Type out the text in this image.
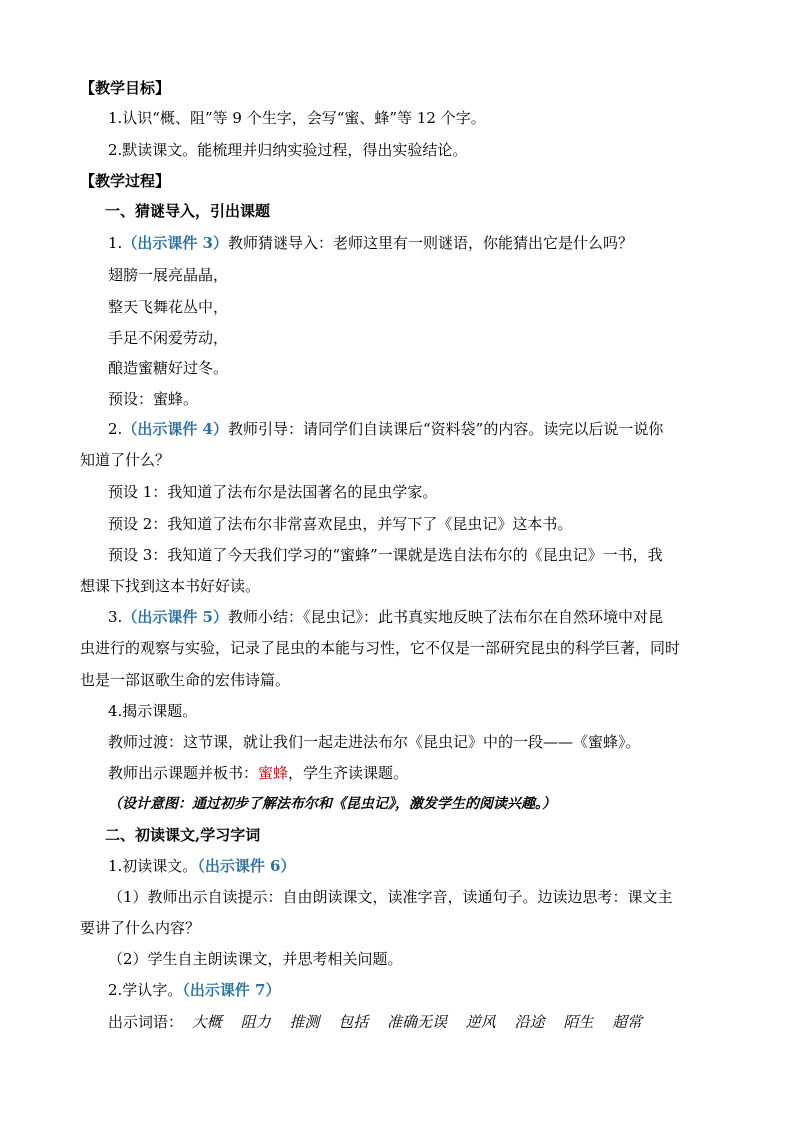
【教学目标】
1.认识“概、阻”等 9 个生字，会写“蜜、蜂”等 12 个字。
2.默读课文。能梳理并归纳实验过程，得出实验结论。
【教学过程】
一、猜谜导入，引出课题
1.（出示课件 3）教师猜谜导入：老师这里有一则谜语，你能猜出它是什么吗？
翅膀一展亮晶晶，
整天飞舞花丛中，
手足不闲爱劳动，
酿造蜜糖好过冬。
预设：蜜蜂。
2.（出示课件 4）教师引导：请同学们自读课后“资料袋”的内容。读完以后说一说你
知道了什么？
预设 1：我知道了法布尔是法国著名的昆虫学家。
预设 2：我知道了法布尔非常喜欢昆虫，并写下了《昆虫记》这本书。
预设 3：我知道了今天我们学习的“蜜蜂”一课就是选自法布尔的《昆虫记》一书，我
想课下找到这本书好好读。
3.（出示课件 5）教师小结：《昆虫记》：此书真实地反映了法布尔在自然环境中对昆
虫进行的观察与实验，记录了昆虫的本能与习性，它不仅是一部研究昆虫的科学巨著，同时
也是一部讴歌生命的宏伟诗篇。
4.揭示课题。
教师过渡：这节课，就让我们一起走进法布尔《昆虫记》中的一段——《蜜蜂》。
教师出示课题并板书：蜜蜂，学生齐读课题。
（设计意图：通过初步了解法布尔和《昆虫记》，激发学生的阅读兴趣。）
二、初读课文,学习字词
1.初读课文。（出示课件 6）
（1）教师出示自读提示：自由朗读课文，读准字音，读通句子。边读边思考：课文主
要讲了什么内容？
（2）学生自主朗读课文，并思考相关问题。
2.学认字。（出示课件 7）
出示词语： 大概 阻力 推测 包括 准确无误 逆风 沿途 陌生 超常
